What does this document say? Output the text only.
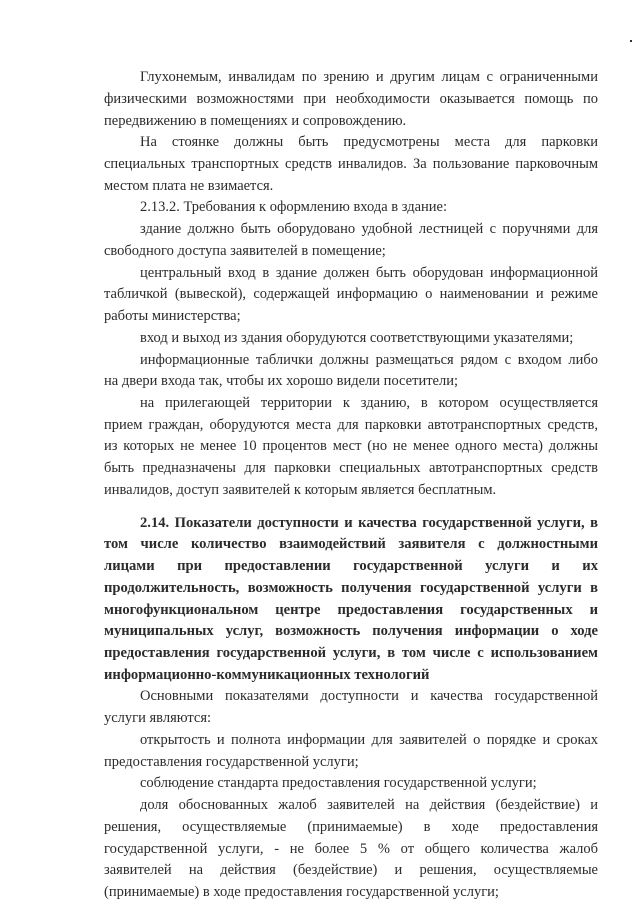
Глухонемым, инвалидам по зрению и другим лицам с ограниченными
физическими возможностями при необходимости оказывается помощь по
передвижению в помещениях и сопровождению.
На стоянке должны быть предусмотрены места для парковки
специальных транспортных средств инвалидов. За пользование парковочным
местом плата не взимается.
2.13.2. Требования к оформлению входа в здание:
здание должно быть оборудовано удобной лестницей с поручнями для
свободного доступа заявителей в помещение;
центральный вход в здание должен быть оборудован информационной
табличкой (вывеской), содержащей информацию о наименовании и режиме
работы министерства;
вход и выход из здания оборудуются соответствующими указателями;
информационные таблички должны размещаться рядом с входом либо
на двери входа так, чтобы их хорошо видели посетители;
на прилегающей территории к зданию, в котором осуществляется
прием граждан, оборудуются места для парковки автотранспортных средств,
из которых не менее 10 процентов мест (но не менее одного места) должны
быть предназначены для парковки специальных автотранспортных средств
инвалидов, доступ заявителей к которым является бесплатным.
2.14. Показатели доступности и качества государственной услуги, в
том числе количество взаимодействий заявителя с должностными
лицами при предоставлении государственной услуги и их
продолжительность, возможность получения государственной услуги в
многофункциональном центре предоставления государственных и
муниципальных услуг, возможность получения информации о ходе
предоставления государственной услуги, в том числе с использованием
информационно-коммуникационных технологий
Основными показателями доступности и качества государственной
услуги являются:
открытость и полнота информации для заявителей о порядке и сроках
предоставления государственной услуги;
соблюдение стандарта предоставления государственной услуги;
доля обоснованных жалоб заявителей на действия (бездействие) и
решения, осуществляемые (принимаемые) в ходе предоставления
государственной услуги, - не более 5 % от общего количества жалоб
заявителей на действия (бездействие) и решения, осуществляемые
(принимаемые) в ходе предоставления государственной услуги;
